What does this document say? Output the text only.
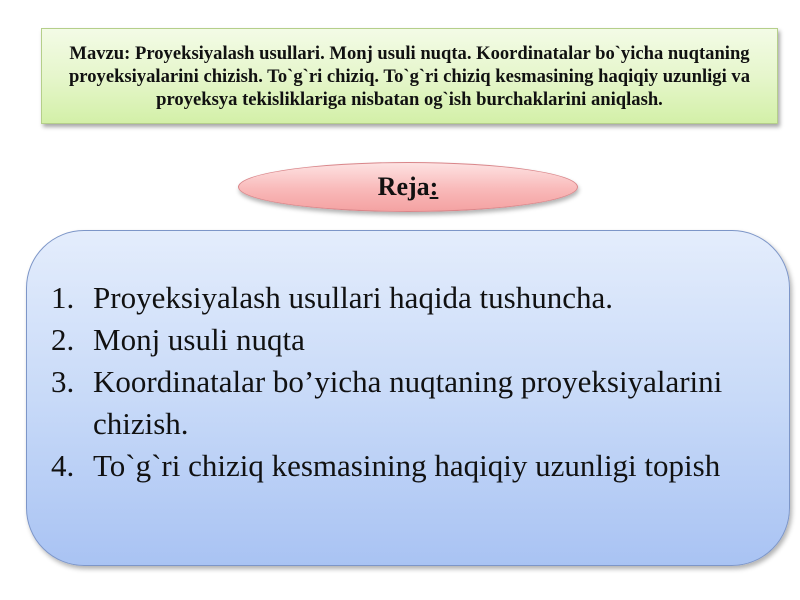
Mavzu: Proyeksiyalash usullari. Monj usuli nuqta. Koordinatalar bo`yicha nuqtaning proyeksiyalarini chizish. To`g`ri chiziq. To`g`ri chiziq kesmasining haqiqiy uzunligi va proyeksya tekisliklariga nisbatan og`ish burchaklarini aniqlash.

Reja:
1. Proyeksiyalash usullari haqida tushuncha.
2. Monj usuli nuqta
3. Koordinatalar bo’yicha nuqtaning proyeksiyalarini chizish.
4. To`g`ri chiziq kesmasining haqiqiy uzunligi topish
